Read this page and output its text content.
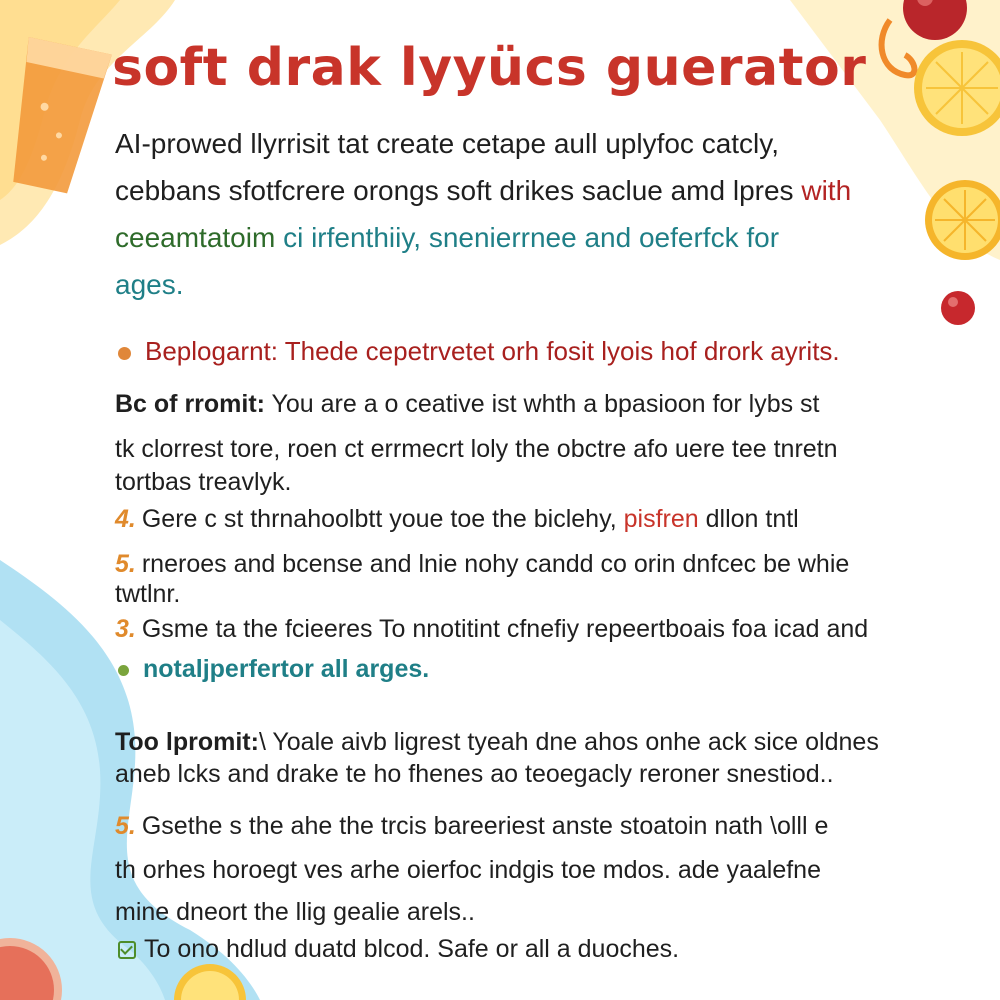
soft drak lyyücs guerator
AI-prowed llyrrisit tat create cetape aull uplyfoc catcly,
cebbans sfotfcrere orongs soft drikes saclue amd lpres with
ceeamtatoim ci irfenthiiy, snenierrnee and oeferfck for
ages.
Beplogarnt: Thede cepetrvetet orh fosit lyois hof drork ayrits.
Bc of rromit: You are a o ceative ist whth a bpasioon for lybs st
tk clorrest tore, roen ct errmecrt loly the obctre afo uere tee tnretn
tortbas treavlyk.
4. Gere c st thrnahoolbtt youe toe the biclehy, pisfren dllon tntl
5. rneroes and bcense and lnie nohy candd co orin dnfcec be whie
twtlnr.
3. Gsme ta the fcieeres To nnotitint cfnefiy repeertboais foa icad and
notaljperfertor all arges.
Too lpromit:\ Yoale aivb ligrest tyeah dne ahos onhe ack sice oldnes
aneb lcks and drake te ho fhenes ao teoegacly reroner snestiod..
5. Gsethe s the ahe the trcis bareeriest anste stoatoin nath \olll e
th orhes horoegt ves arhe oierfoc indgis toe mdos. ade yaalefne
mine dneort the llig gealie arels..
To ono hdlud duatd blcod. Safe or all a duoches.
